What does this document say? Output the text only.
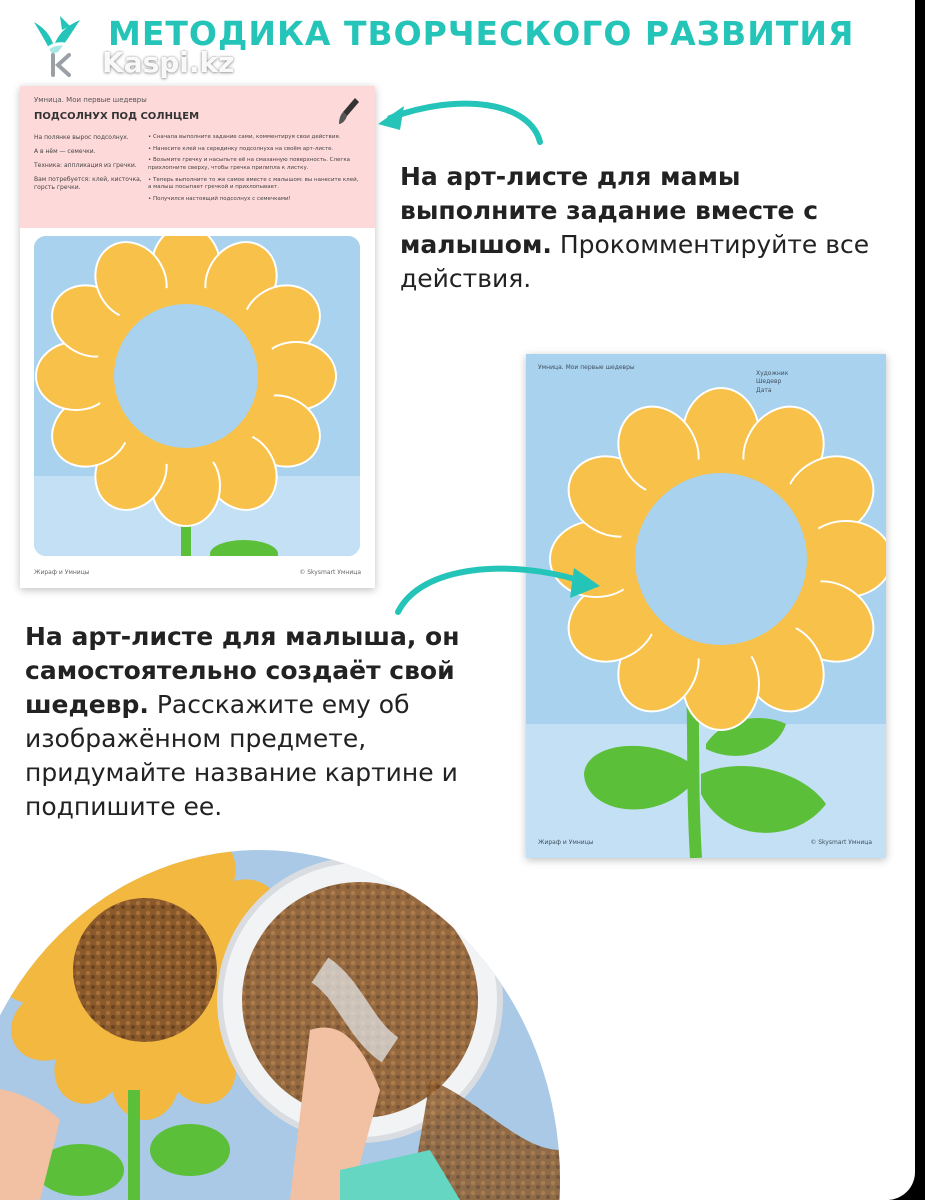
МЕТОДИКА ТВОРЧЕСКОГО РАЗВИТИЯ
Kaspi.kz
Умница. Мои первые шедевры
ПОДСОЛНУХ ПОД СОЛНЦЕМ

На полянке вырос подсолнух.

А в нём — семечки.

Техника: аппликация из гречки.

Вам потребуется: клей, кисточка, горсть гречки.

• Сначала выполните задание сами, комментируя свои действия.

• Нанесите клей на серединку подсолнуха на своём арт-листе.

• Возьмите гречку и насыпьте её на смазанную поверхность. Слегка прихлопните сверху, чтобы гречка прилипла к листку.

• Теперь выполните то же самое вместе с малышом: вы нанесите клей, а малыш посыпает гречкой и прихлопывает.

• Получился настоящий подсолнух с семечками!

Жираф и Умницы	© Skysmart Умница
На арт-листе для мамы выполните задание вместе с малышом. Прокомментируйте все действия.
Умница. Мои первые шедевры
Художник
Шедевр
Дата
Жираф и Умницы	© Skysmart Умница
На арт-листе для малыша, он самостоятельно создаёт свой шедевр. Расскажите ему об изображённом предмете, придумайте название картине и подпишите ее.
